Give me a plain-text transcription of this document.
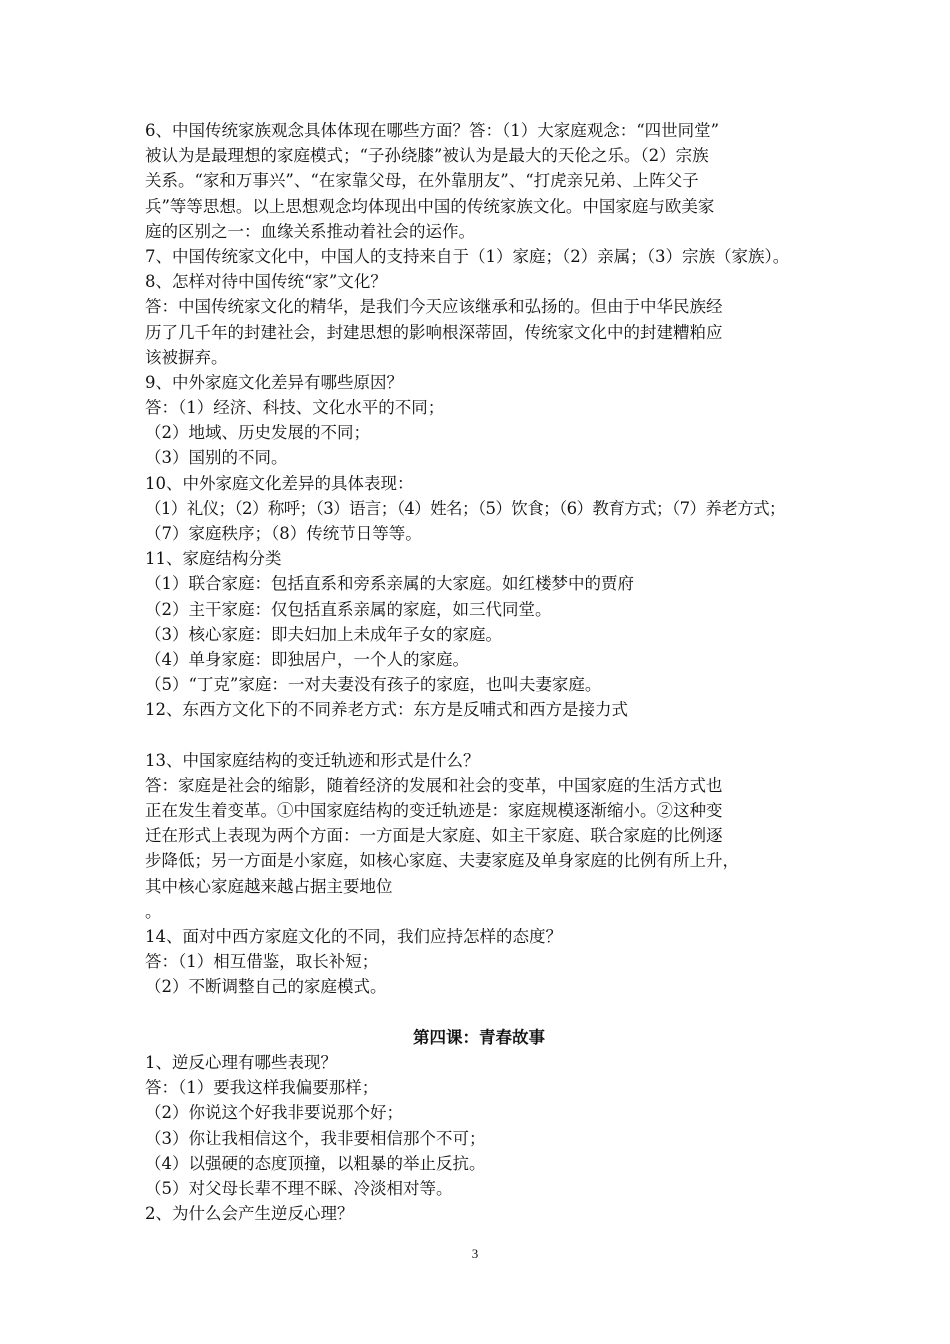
6、中国传统家族观念具体体现在哪些方面？答：（1）大家庭观念：“四世同堂”
被认为是最理想的家庭模式；“子孙绕膝”被认为是最大的天伦之乐。（2）宗族
关系。“家和万事兴”、“在家靠父母，在外靠朋友”、“打虎亲兄弟、上阵父子
兵”等等思想。以上思想观念均体现出中国的传统家族文化。中国家庭与欧美家
庭的区别之一：血缘关系推动着社会的运作。
7、中国传统家文化中，中国人的支持来自于（1）家庭；（2）亲属；（3）宗族（家族）。
8、怎样对待中国传统“家”文化？
答：中国传统家文化的精华，是我们今天应该继承和弘扬的。但由于中华民族经
历了几千年的封建社会，封建思想的影响根深蒂固，传统家文化中的封建糟粕应
该被摒弃。
9、中外家庭文化差异有哪些原因？
答：（1）经济、科技、文化水平的不同；
（2）地域、历史发展的不同；
（3）国别的不同。
10、中外家庭文化差异的具体表现：
（1）礼仪；（2）称呼；（3）语言；（4）姓名；（5）饮食；（6）教育方式；（7）养老方式；
（7）家庭秩序；（8）传统节日等等。
11、家庭结构分类
（1）联合家庭：包括直系和旁系亲属的大家庭。如红楼梦中的贾府
（2）主干家庭：仅包括直系亲属的家庭，如三代同堂。
（3）核心家庭：即夫妇加上未成年子女的家庭。
（4）单身家庭：即独居户，一个人的家庭。
（5）“丁克”家庭：一对夫妻没有孩子的家庭，也叫夫妻家庭。
12、东西方文化下的不同养老方式：东方是反哺式和西方是接力式
13、中国家庭结构的变迁轨迹和形式是什么？
答：家庭是社会的缩影，随着经济的发展和社会的变革，中国家庭的生活方式也
正在发生着变革。①中国家庭结构的变迁轨迹是：家庭规模逐渐缩小。②这种变
迁在形式上表现为两个方面：一方面是大家庭、如主干家庭、联合家庭的比例逐
步降低；另一方面是小家庭，如核心家庭、夫妻家庭及单身家庭的比例有所上升，
其中核心家庭越来越占据主要地位
。
14、面对中西方家庭文化的不同，我们应持怎样的态度？
答：（1）相互借鉴，取长补短；
（2）不断调整自己的家庭模式。
第四课：青春故事
1、逆反心理有哪些表现？
答：（1）要我这样我偏要那样；
（2）你说这个好我非要说那个好；
（3）你让我相信这个，我非要相信那个不可；
（4）以强硬的态度顶撞，以粗暴的举止反抗。
（5）对父母长辈不理不睬、冷淡相对等。
2、为什么会产生逆反心理？
3
